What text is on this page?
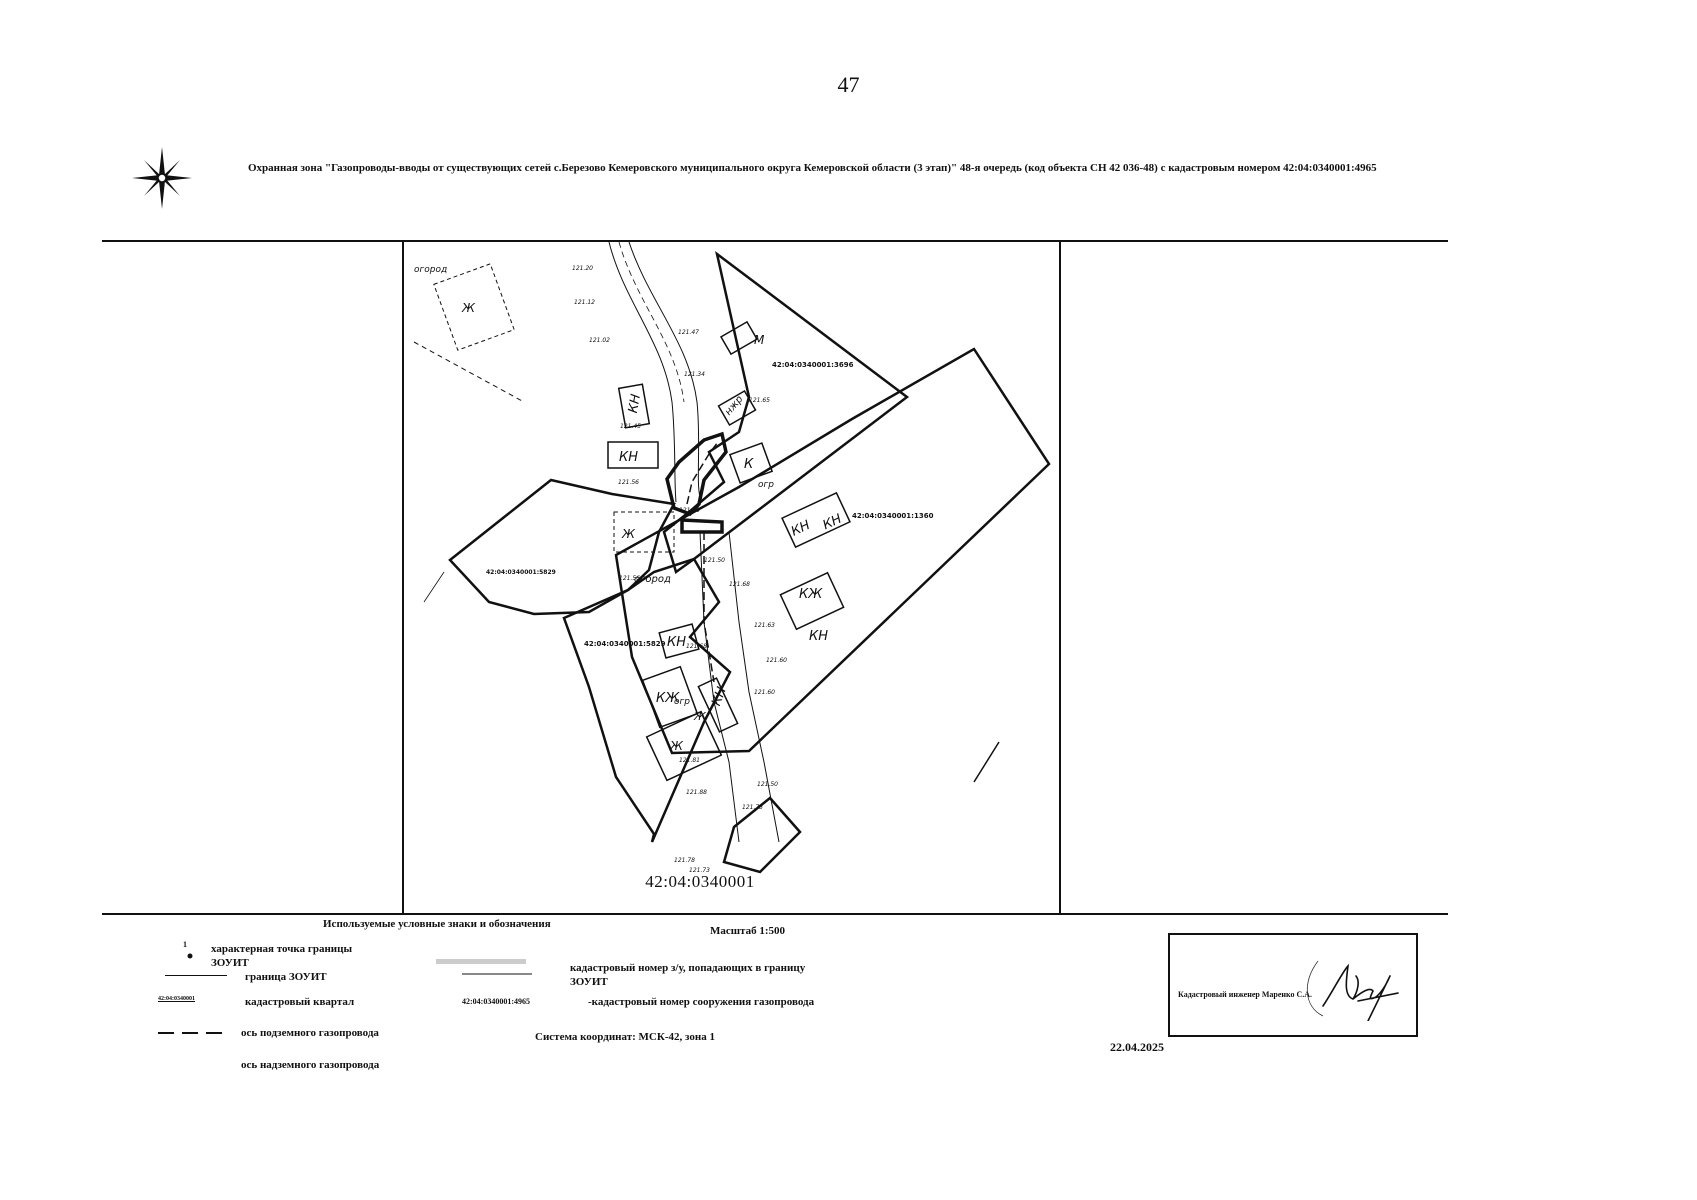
47
Охранная зона "Газопроводы-вводы от существующих сетей с.Березово Кемеровского муниципального округа Кемеровской области (3 этап)" 48-я очередь (код объекта СН 42 036-48) с кадастровым номером 42:04:0340001:4965
КН
КН	К
М
КН КН
КЖ
КН
КН
КЖ КН
Ж
Ж
Ж
Ж
нжр
огород
огр
огр
огород
42:04:0340001:3696
42:04:0340001:1360
42:04:0340001:5829
42:04:0340001:5829
121.12
121.02
121.34
121.47
121.45
121.56
121.65
121.56
121.68
121.63
121.60
121.88
121.60
121.81
121.50
121.73
121.78
121.73
121.68
121.50
121.70
121.20
42:04:0340001
Используемые условные знаки и обозначения
Масштаб 1:500
1 характерная точка границы ЗОУИТ
граница ЗОУИТ
42:04:0340001	кадастровый квартал
ось подземного газопровода
ось надземного газопровода
кадастровый номер з/у, попадающих в границу ЗОУИТ
42:04:0340001:4965	-кадастровый номер сооружения газопровода
Система координат: МСК-42, зона 1
Кадастровый инженер Маренко С.А.
22.04.2025
